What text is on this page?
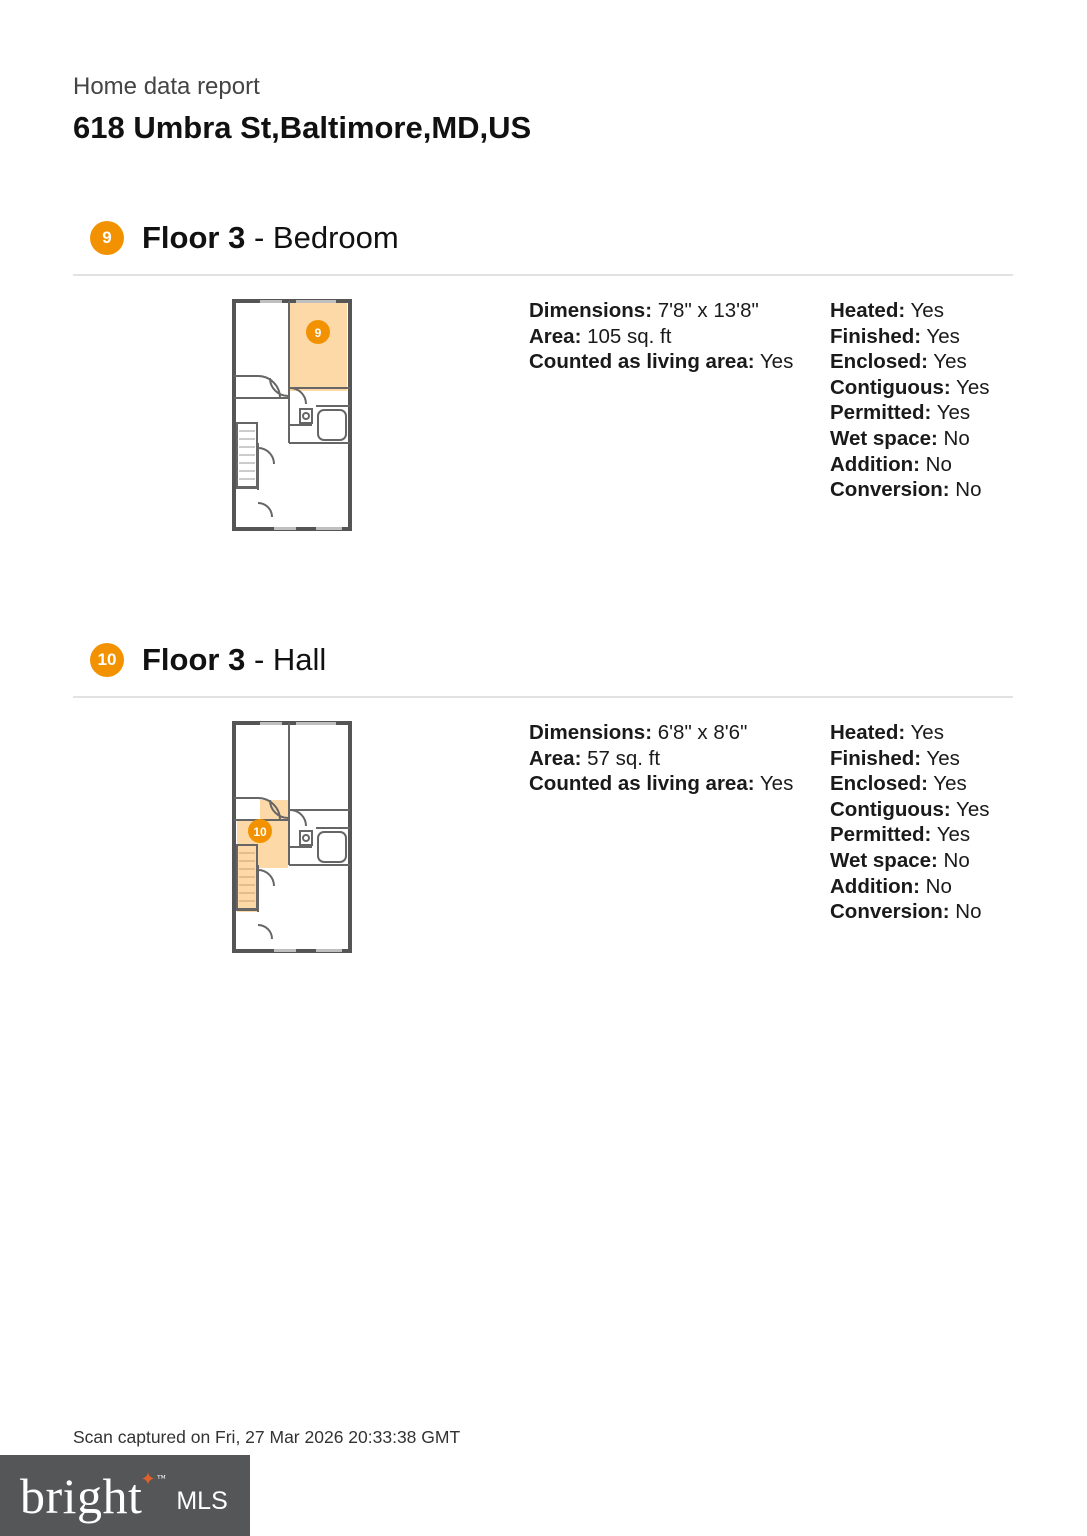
Home data report
618 Umbra St,Baltimore,MD,US
9 Floor 3 - Bedroom
9
Dimensions: 7'8" x 13'8"
Area: 105 sq. ft
Counted as living area: Yes
Heated: Yes
Finished: Yes
Enclosed: Yes
Contiguous: Yes
Permitted: Yes
Wet space: No
Addition: No
Conversion: No
10 Floor 3 - Hall
10
Dimensions: 6'8" x 8'6"
Area: 57 sq. ft
Counted as living area: Yes
Heated: Yes
Finished: Yes
Enclosed: Yes
Contiguous: Yes
Permitted: Yes
Wet space: No
Addition: No
Conversion: No
Scan captured on Fri, 27 Mar 2026 20:33:38 GMT
bright✦™
MLS
